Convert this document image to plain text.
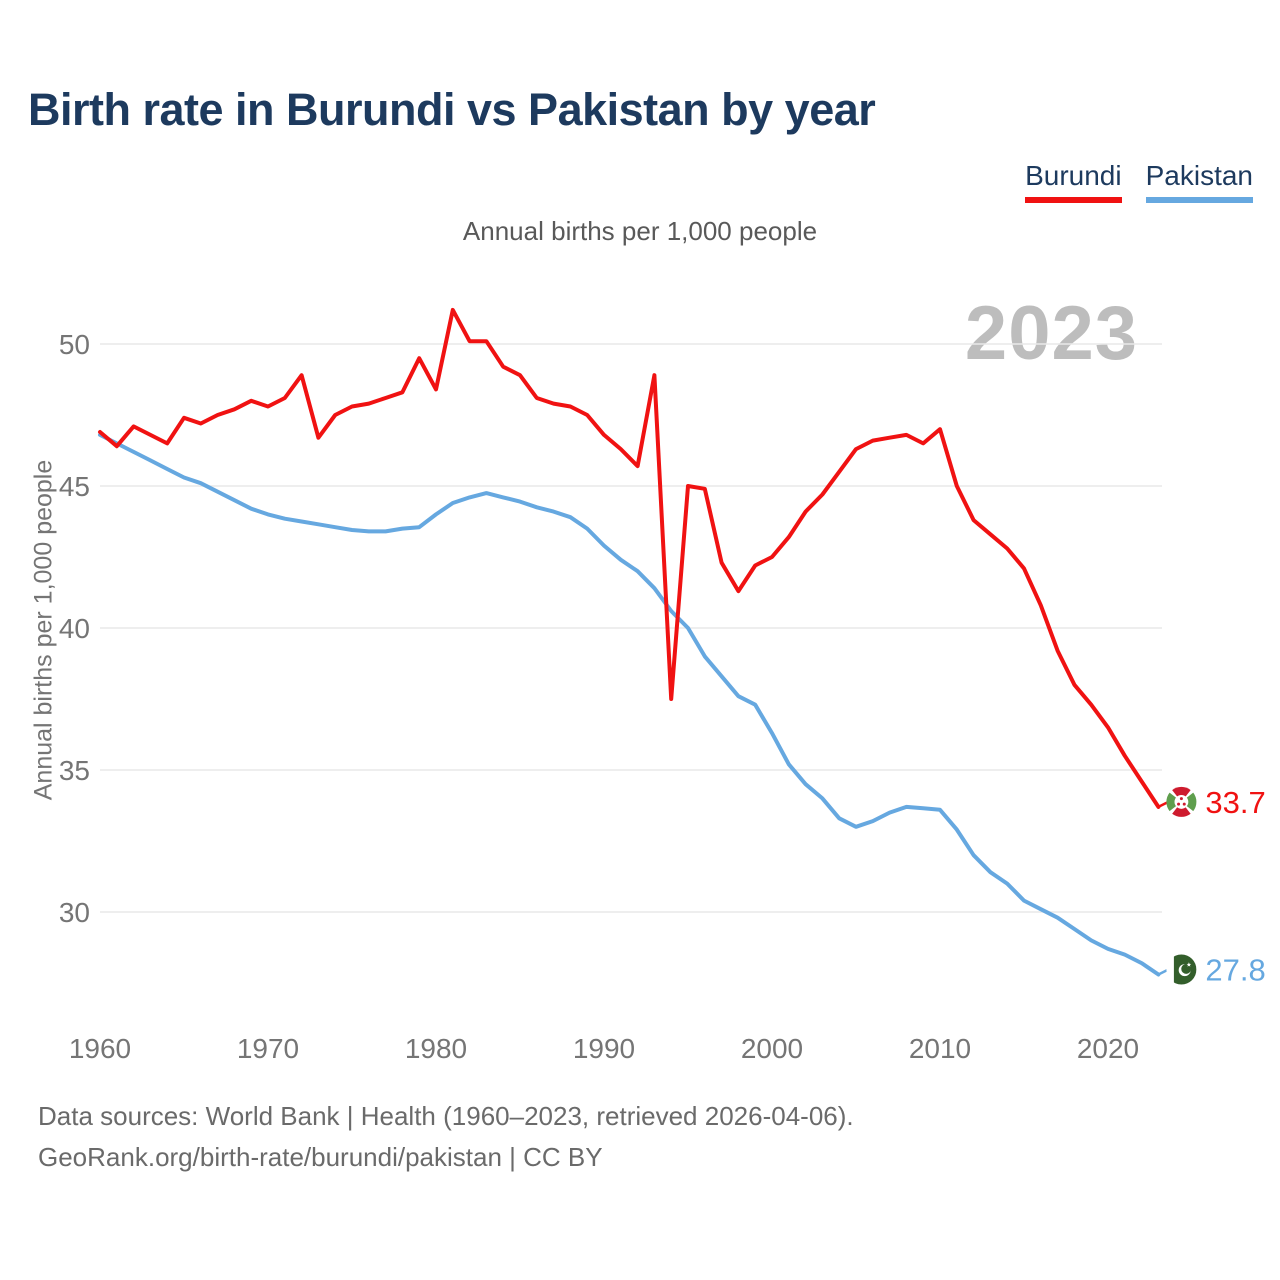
Birth rate in Burundi vs Pakistan by year
Burundi Pakistan
Annual births per 1,000 people
2023
Annual births per 1,000 people
50
45
40
35
30
1960	1970	1980	1990	2000	2010	2020
33.7
27.8
Data sources: World Bank | Health (1960–2023, retrieved 2026-04-06).
GeoRank.org/birth-rate/burundi/pakistan | CC BY
